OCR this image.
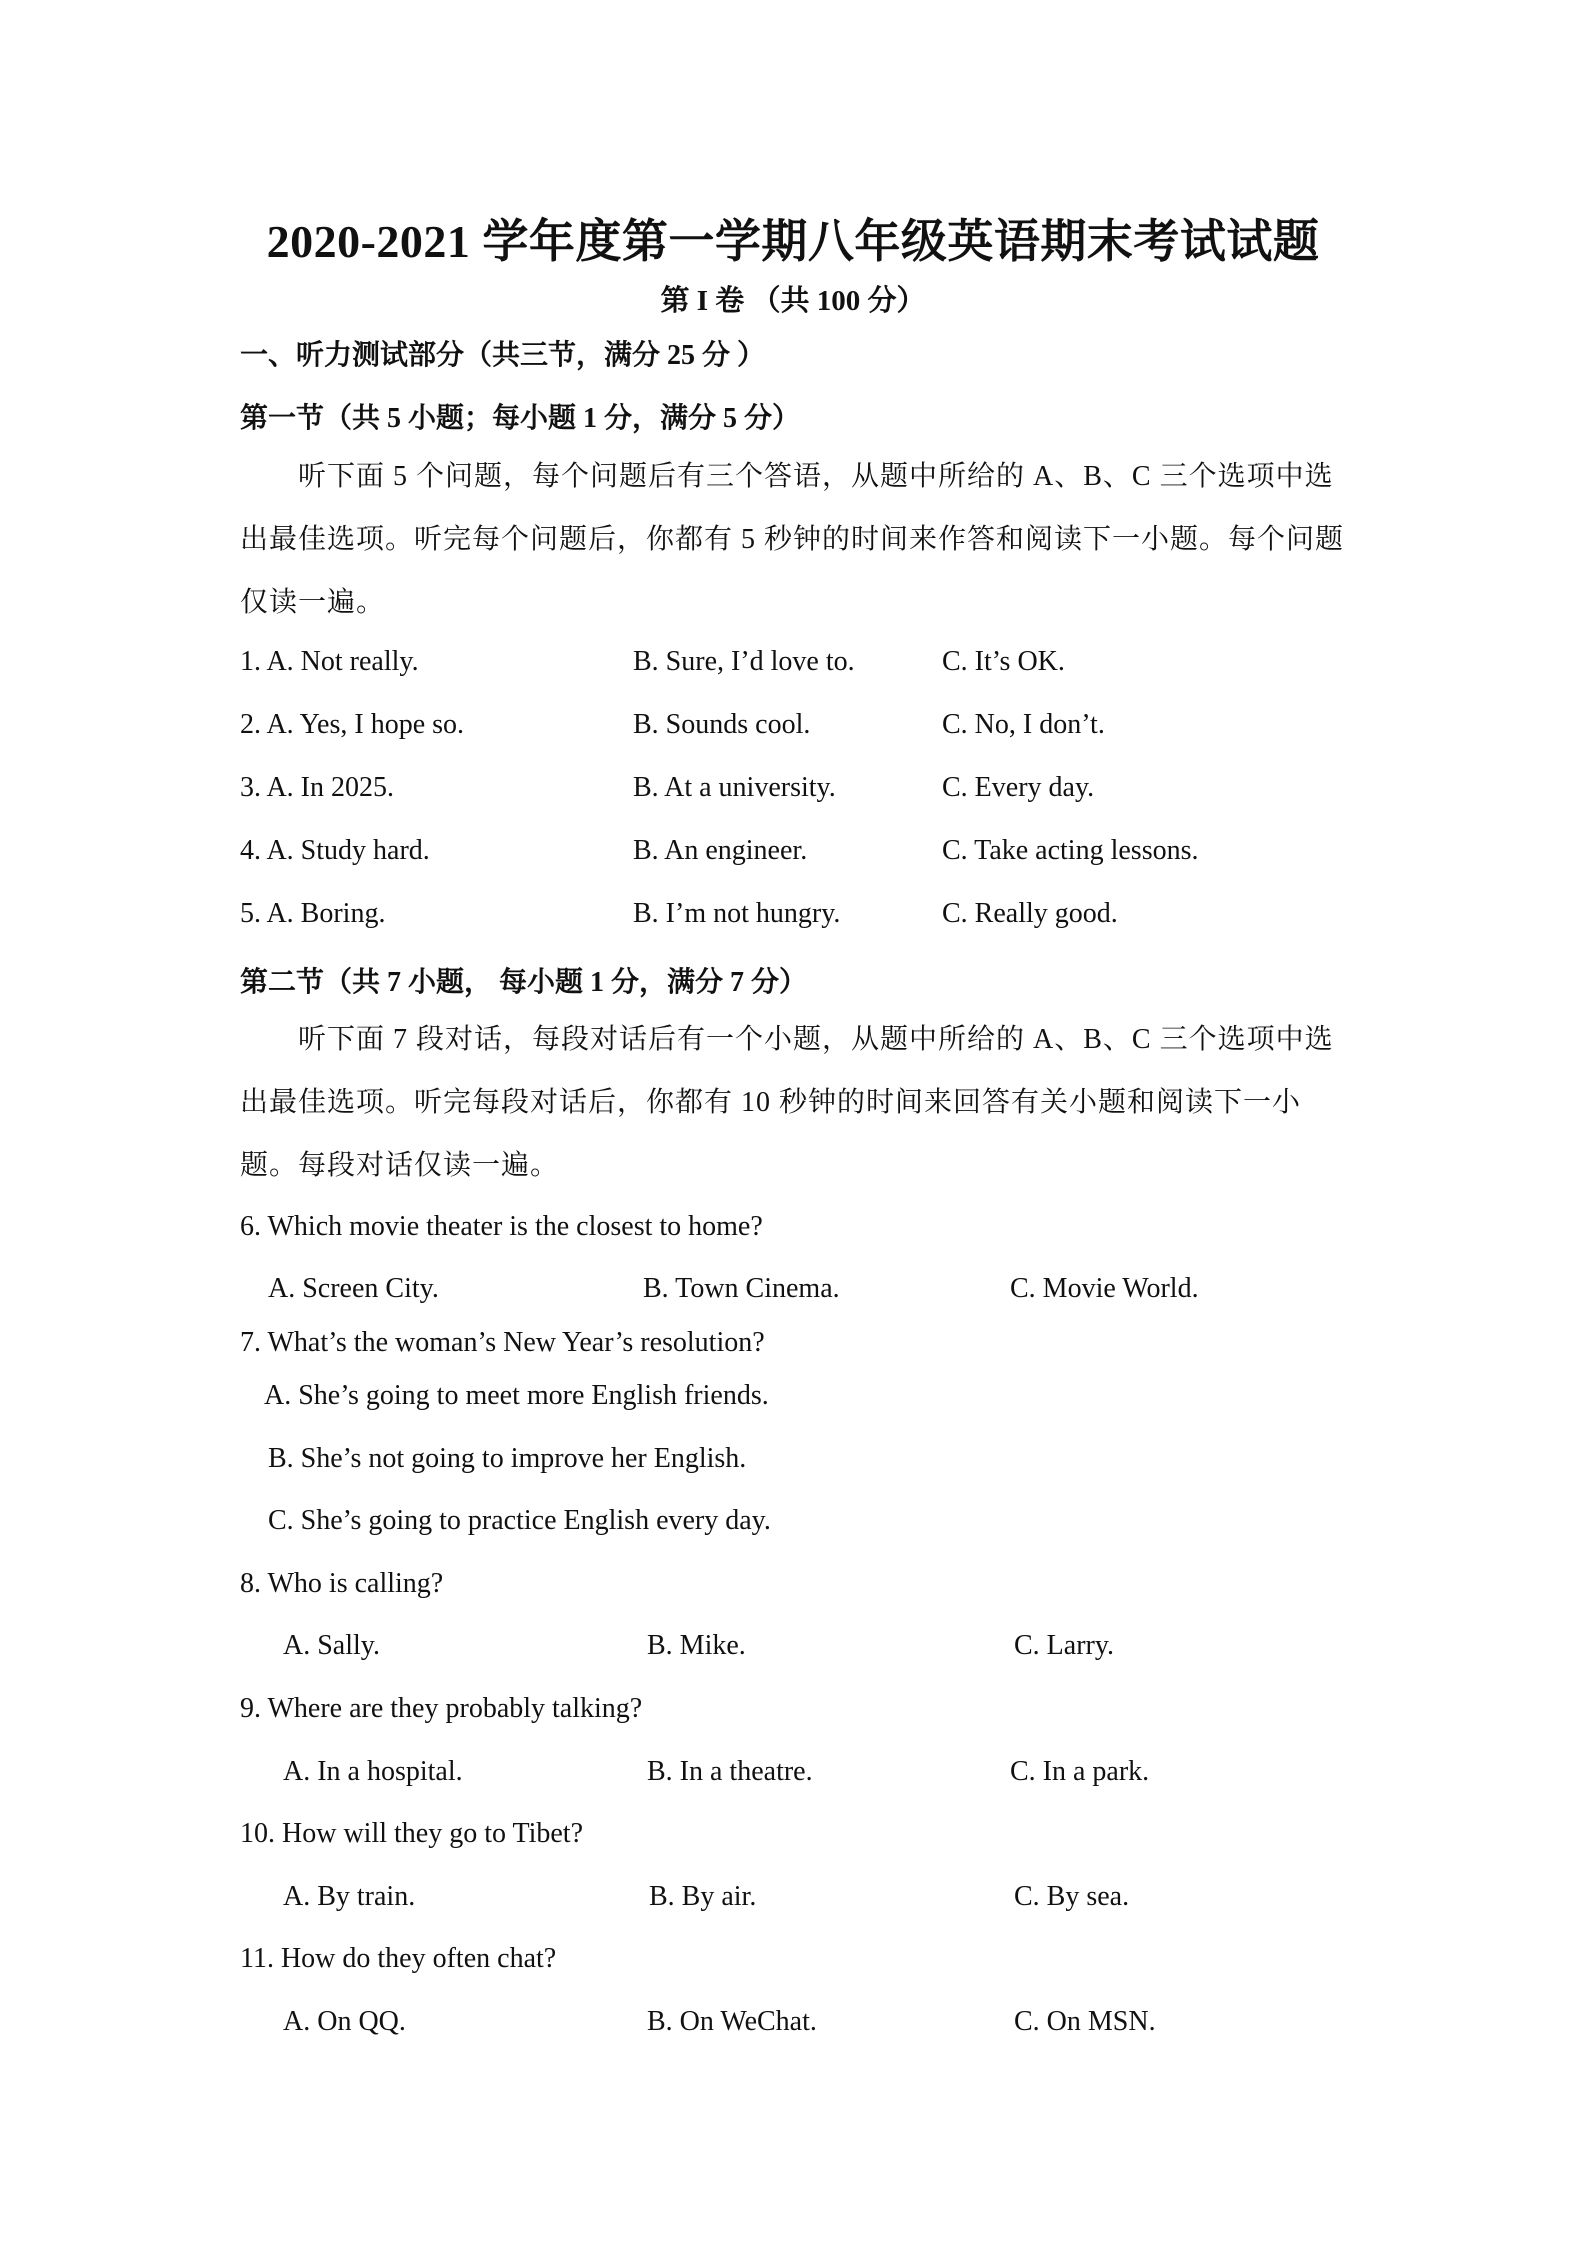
2020-2021 学年度第一学期八年级英语期末考试试题
第 I 卷 （共 100 分）
一、听力测试部分（共三节，满分 25 分 ）
第一节（共 5 小题；每小题 1 分，满分 5 分）
听下面 5 个问题，每个问题后有三个答语，从题中所给的 A、B、C 三个选项中选出最佳选项。听完每个问题后，你都有 5 秒钟的时间来作答和阅读下一小题。每个问题仅读一遍。
1. A. Not really.	B. Sure, I’d love to.	C. It’s OK.
2. A. Yes, I hope so.	B. Sounds cool.	C. No, I don’t.
3. A. In 2025.	B. At a university.	C. Every day.
4. A. Study hard.	B. An engineer.	C. Take acting lessons.
5. A. Boring.	B. I’m not hungry.	C. Really good.
第二节（共 7 小题， 每小题 1 分，满分 7 分）
听下面 7 段对话，每段对话后有一个小题，从题中所给的 A、B、C 三个选项中选出最佳选项。听完每段对话后，你都有 10 秒钟的时间来回答有关小题和阅读下一小题。每段对话仅读一遍。
6. Which movie theater is the closest to home?
A. Screen City.	B. Town Cinema.	C. Movie World.
7. What’s the woman’s New Year’s resolution?
A. She’s going to meet more English friends.
B. She’s not going to improve her English.
C. She’s going to practice English every day.
8. Who is calling?
A. Sally.	B. Mike.	C. Larry.
9. Where are they probably talking?
A. In a hospital.	B. In a theatre.	C. In a park.
10. How will they go to Tibet?
A. By train.	B. By air.	C. By sea.
11. How do they often chat?
A. On QQ.	B. On WeChat.	C. On MSN.
